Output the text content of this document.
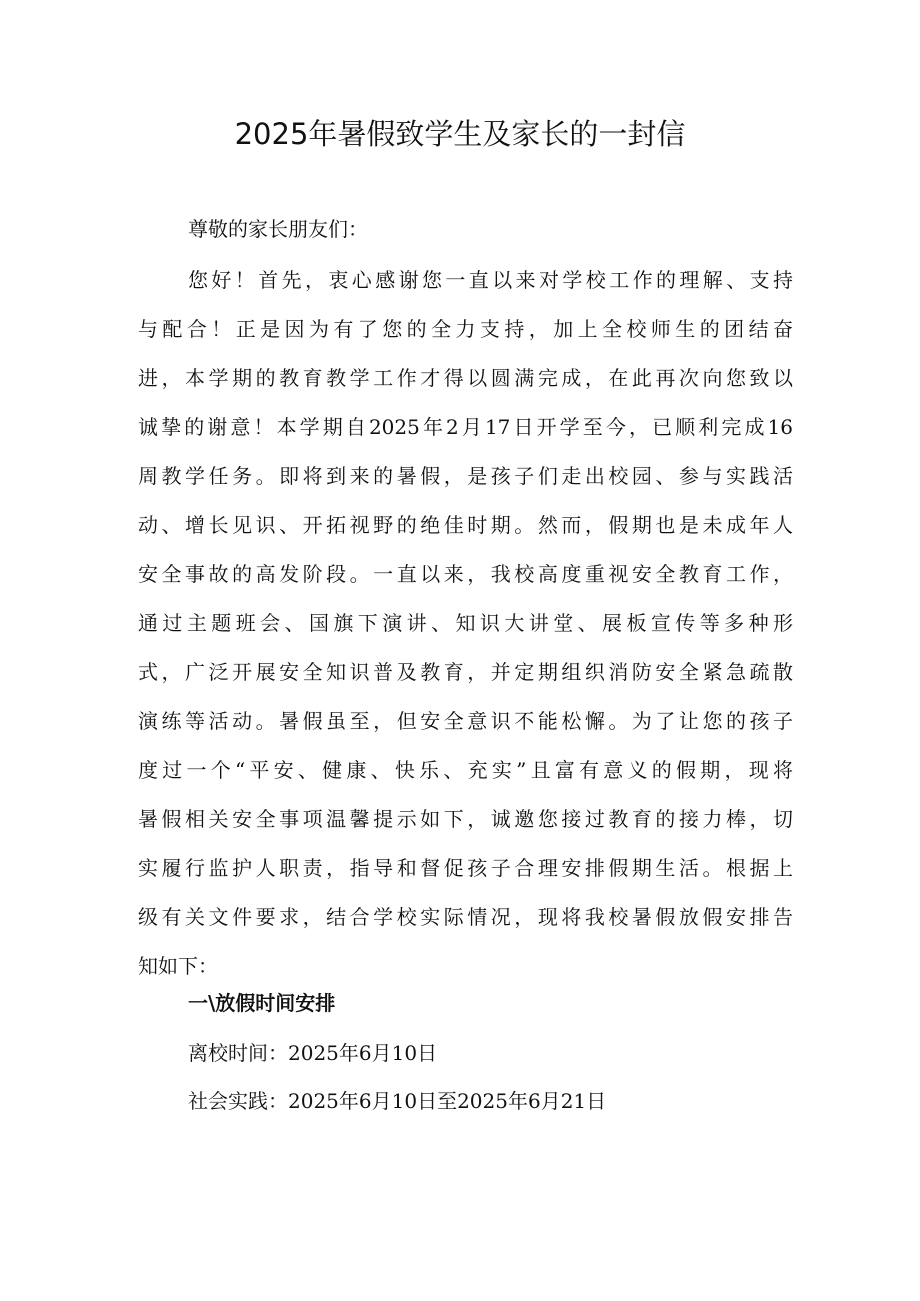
2025年暑假致学生及家长的一封信

尊敬的家长朋友们：

您好！首先，衷心感谢您一直以来对学校工作的理解、支持
与配合！正是因为有了您的全力支持，加上全校师生的团结奋
进，本学期的教育教学工作才得以圆满完成，在此再次向您致以
诚挚的谢意！本学期自2025年2月17日开学至今，已顺利完成16
周教学任务。即将到来的暑假，是孩子们走出校园、参与实践活
动、增长见识、开拓视野的绝佳时期。然而，假期也是未成年人
安全事故的高发阶段。一直以来，我校高度重视安全教育工作，
通过主题班会、国旗下演讲、知识大讲堂、展板宣传等多种形
式，广泛开展安全知识普及教育，并定期组织消防安全紧急疏散
演练等活动。暑假虽至，但安全意识不能松懈。为了让您的孩子
度过一个“平安、健康、快乐、充实”且富有意义的假期，现将
暑假相关安全事项温馨提示如下，诚邀您接过教育的接力棒，切
实履行监护人职责，指导和督促孩子合理安排假期生活。根据上
级有关文件要求，结合学校实际情况，现将我校暑假放假安排告
知如下：

一\放假时间安排

离校时间：2025年6月10日

社会实践：2025年6月10日至2025年6月21日
